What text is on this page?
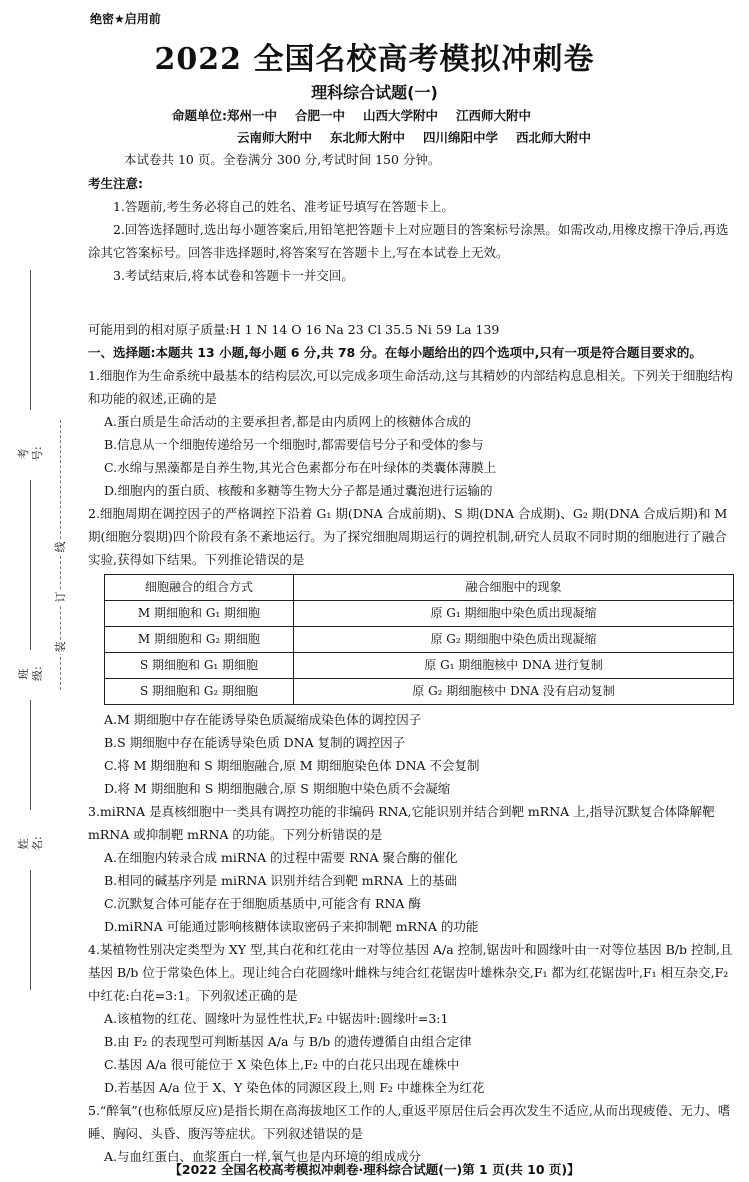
绝密★启用前
2022 全国名校高考模拟冲刺卷
理科综合试题(一)
命题单位:郑州一中 合肥一中 山西大学附中 江西师大附中
云南师大附中 东北师大附中 四川绵阳中学 西北师大附中
本试卷共 10 页。全卷满分 300 分,考试时间 150 分钟。

考生注意:

1.答题前,考生务必将自己的姓名、准考证号填写在答题卡上。

2.回答选择题时,选出每小题答案后,用铅笔把答题卡上对应题目的答案标号涂黑。如需改动,用橡皮擦干净后,再选涂其它答案标号。回答非选择题时,将答案写在答题卡上,写在本试卷上无效。

3.考试结束后,将本试卷和答题卡一并交回。

可能用到的相对原子质量:H 1 N 14 O 16 Na 23 Cl 35.5 Ni 59 La 139

一、选择题:本题共 13 小题,每小题 6 分,共 78 分。在每小题给出的四个选项中,只有一项是符合题目要求的。

1.细胞作为生命系统中最基本的结构层次,可以完成多项生命活动,这与其精妙的内部结构息息相关。下列关于细胞结构和功能的叙述,正确的是

A.蛋白质是生命活动的主要承担者,都是由内质网上的核糖体合成的

B.信息从一个细胞传递给另一个细胞时,都需要信号分子和受体的参与

C.水绵与黑藻都是自养生物,其光合色素都分布在叶绿体的类囊体薄膜上

D.细胞内的蛋白质、核酸和多糖等生物大分子都是通过囊泡进行运输的

2.细胞周期在调控因子的严格调控下沿着 G₁ 期(DNA 合成前期)、S 期(DNA 合成期)、G₂ 期(DNA 合成后期)和 M 期(细胞分裂期)四个阶段有条不紊地运行。为了探究细胞周期运行的调控机制,研究人员取不同时期的细胞进行了融合实验,获得如下结果。下列推论错误的是

细胞融合的组合方式	融合细胞中的现象
M 期细胞和 G₁ 期细胞	原 G₁ 期细胞中染色质出现凝缩
M 期细胞和 G₂ 期细胞	原 G₂ 期细胞中染色质出现凝缩
S 期细胞和 G₁ 期细胞	原 G₁ 期细胞核中 DNA 进行复制
S 期细胞和 G₂ 期细胞	原 G₂ 期细胞核中 DNA 没有启动复制

A.M 期细胞中存在能诱导染色质凝缩成染色体的调控因子

B.S 期细胞中存在能诱导染色质 DNA 复制的调控因子

C.将 M 期细胞和 S 期细胞融合,原 M 期细胞染色体 DNA 不会复制

D.将 M 期细胞和 S 期细胞融合,原 S 期细胞中染色质不会凝缩

3.miRNA 是真核细胞中一类具有调控功能的非编码 RNA,它能识别并结合到靶 mRNA 上,指导沉默复合体降解靶 mRNA 或抑制靶 mRNA 的功能。下列分析错误的是

A.在细胞内转录合成 miRNA 的过程中需要 RNA 聚合酶的催化

B.相同的碱基序列是 miRNA 识别并结合到靶 mRNA 上的基础

C.沉默复合体可能存在于细胞质基质中,可能含有 RNA 酶

D.miRNA 可能通过影响核糖体读取密码子来抑制靶 mRNA 的功能

4.某植物性别决定类型为 XY 型,其白花和红花由一对等位基因 A/a 控制,锯齿叶和圆缘叶由一对等位基因 B/b 控制,且基因 B/b 位于常染色体上。现让纯合白花圆缘叶雌株与纯合红花锯齿叶雄株杂交,F₁ 都为红花锯齿叶,F₁ 相互杂交,F₂ 中红花:白花=3:1。下列叙述正确的是

A.该植物的红花、圆缘叶为显性性状,F₂ 中锯齿叶:圆缘叶=3:1

B.由 F₂ 的表现型可判断基因 A/a 与 B/b 的遗传遵循自由组合定律

C.基因 A/a 很可能位于 X 染色体上,F₂ 中的白花只出现在雄株中

D.若基因 A/a 位于 X、Y 染色体的同源区段上,则 F₂ 中雄株全为红花

5.“醉氧”(也称低原反应)是指长期在高海拔地区工作的人,重返平原居住后会再次发生不适应,从而出现疲倦、无力、嗜睡、胸闷、头昏、腹泻等症状。下列叙述错误的是

A.与血红蛋白、血浆蛋白一样,氧气也是内环境的组成成分

考号:
班级:
姓名:
线
订
装
【2022 全国名校高考模拟冲刺卷·理科综合试题(一)第 1 页(共 10 页)】
